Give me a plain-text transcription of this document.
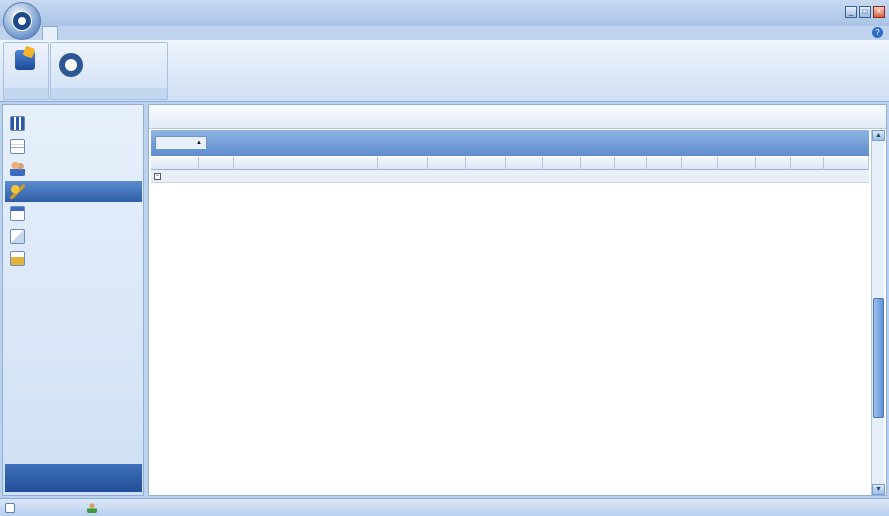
_	□	×
?
▲
−
▲
▼
